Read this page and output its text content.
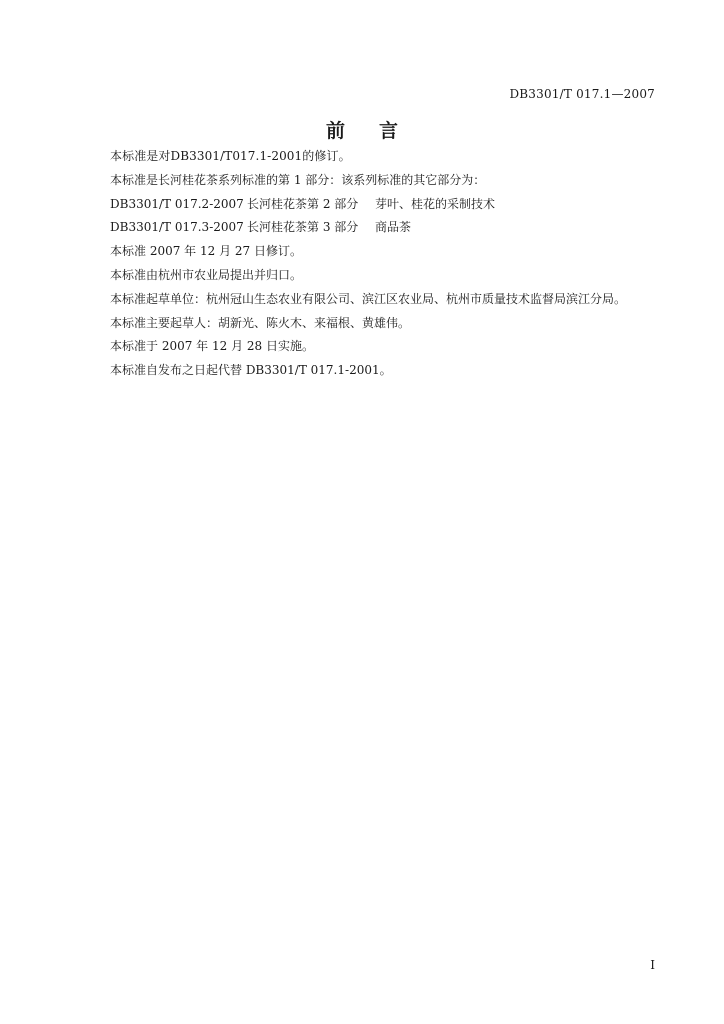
DB3301/T 017.1—2007
前言
本标准是对DB3301/T017.1-2001的修订。
本标准是长河桂花茶系列标准的第 1 部分：该系列标准的其它部分为：
DB3301/T 017.2-2007 长河桂花茶第 2 部分	芽叶、桂花的采制技术
DB3301/T 017.3-2007 长河桂花茶第 3 部分	商品茶
本标准 2007 年 12 月 27 日修订。
本标准由杭州市农业局提出并归口。
本标准起草单位：杭州冠山生态农业有限公司、滨江区农业局、杭州市质量技术监督局滨江分局。
本标准主要起草人：胡新光、陈火木、来福根、黄雄伟。
本标准于 2007 年 12 月 28 日实施。
本标准自发布之日起代替 DB3301/T 017.1-2001。
I
